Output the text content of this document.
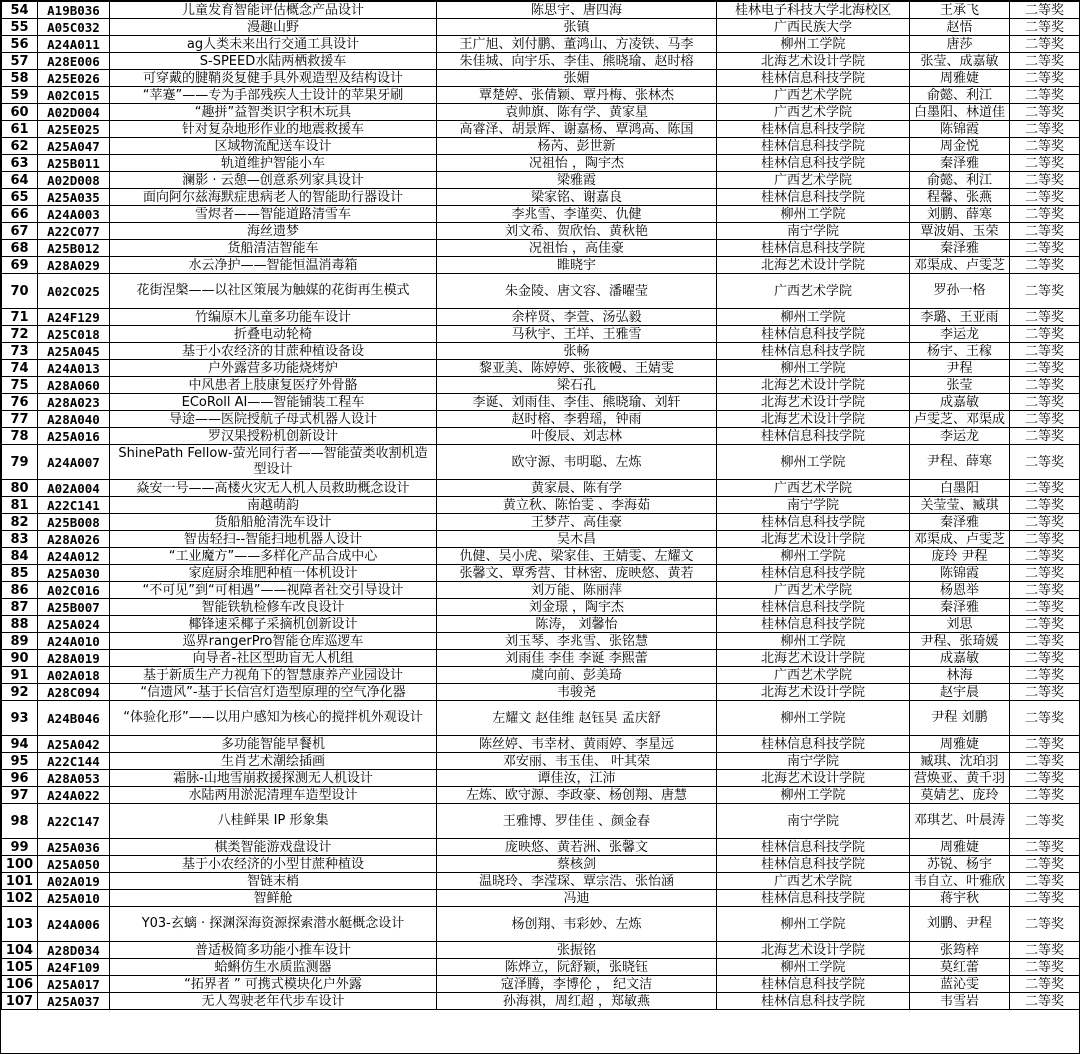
54	A19B036	儿童发育智能评估概念产品设计	陈思宇、唐四海	桂林电子科技大学北海校区	王承飞	二等奖
55	A05C032	漫趣山野	张镇	广西民族大学	赵悟	二等奖
56	A24A011	ag人类未来出行交通工具设计	王广旭、刘付鹏、董鸿山、方凌铁、马李	柳州工学院	唐莎	二等奖
57	A28E006	S-SPEED水陆两栖救援车	朱佳城、向宇乐、李佳、熊晓瑜、赵时榕	北海艺术设计学院	张莹、成嘉敏	二等奖
58	A25E026	可穿戴的腱鞘炎复健手具外观造型及结构设计	张媚	桂林信息科技学院	周雅婕	二等奖
59	A02C015	“苹蹇”——专为手部残疾人士设计的苹果牙刷	覃楚婷、张倩颖、覃丹梅、张林杰	广西艺术学院	俞懿、利江	二等奖
60	A02D004	“趣拼”益智类识字积木玩具	袁帅旗、陈有学、黄家星	广西艺术学院	白墨阳、林道佳	二等奖
61	A25E025	针对复杂地形作业的地震救援车	高睿泽、胡景辉、谢嘉杨、覃鸿高、陈国	桂林信息科技学院	陈锦霞	二等奖
62	A25A047	区域物流配送车设计	杨芮、彭世新	桂林信息科技学院	周金悦	二等奖
63	A25B011	轨道维护智能小车	况祖怡 ，陶宇杰	桂林信息科技学院	秦泽雅	二等奖
64	A02D008	澜影 · 云憩—创意系列家具设计	梁雅霞	广西艺术学院	俞懿、利江	二等奖
65	A25A035	面向阿尔兹海默症患病老人的智能助行器设计	梁家铭、谢嘉良	桂林信息科技学院	程馨、张燕	二等奖
66	A24A003	雪烬者——智能道路清雪车	李兆雪、李谨奕、仇健	柳州工学院	刘鹏、薛寒	二等奖
67	A22C077	海丝遗梦	刘文希、贺欣怡、黄秋艳	南宁学院	覃波娟、玉荣	二等奖
68	A25B012	货船清洁智能车	况祖怡 ，高佳豪	桂林信息科技学院	秦泽雅	二等奖
69	A28A029	水云净护——智能恒温消毒箱	睢晓宇	北海艺术设计学院	邓渠成、卢雯芝	二等奖
70	A02C025	花街涅槃——以社区策展为触媒的花街再生模式	朱金陵、唐文容、潘曜莹	广西艺术学院	罗孙一格	二等奖
71	A24F129	竹编原木儿童多功能车设计	余梓贤、李萱、汤弘毅	柳州工学院	李璐、王亚雨	二等奖
72	A25C018	折叠电动轮椅	马秋宇、王垟、王雅雪	桂林信息科技学院	李运龙	二等奖
73	A25A045	基于小农经济的甘蔗种植设备设	张畅	桂林信息科技学院	杨宇、王稼	二等奖
74	A24A013	户外露营多功能烧烤炉	黎亚美、陈婷婷、张筱幔、王婧雯	柳州工学院	尹程	二等奖
75	A28A060	中风患者上肢康复医疗外骨骼	梁石孔	北海艺术设计学院	张莹	二等奖
76	A28A023	ECoRoll AI——智能铺装工程车	李诞、刘雨佳、李佳、熊晓瑜、刘轩	北海艺术设计学院	成嘉敏	二等奖
77	A28A040	导途——医院授航子母式机器人设计	赵时榕、李碧瑶，钟雨	北海艺术设计学院	卢雯芝、邓渠成	二等奖
78	A25A016	罗汉果授粉机创新设计	叶俊辰、刘志林	桂林信息科技学院	李运龙	二等奖
79	A24A007	ShinePath Fellow-萤光同行者——智能萤类收割机造型设计	欧守源、韦明聪、左炼	柳州工学院	尹程、薛寒	二等奖
80	A02A004	焱安一号——高楼火灾无人机人员救助概念设计	黄家晨、陈有学	广西艺术学院	白墨阳	二等奖
81	A22C141	南越萌韵	黄立秋、陈怡雯 、李海茹	南宁学院	关莹莹、臧琪	二等奖
82	A25B008	货船船舱清洗车设计	王梦芹、高佳豪	桂林信息科技学院	秦泽雅	二等奖
83	A28A026	智齿轻扫--智能扫地机器人设计	吴木昌	北海艺术设计学院	邓渠成、卢雯芝	二等奖
84	A24A012	“工业魔方”——多样化产品合成中心	仇健、吴小虎、梁家佳、王婧雯、左耀文	柳州工学院	庞玲 尹程	二等奖
85	A25A030	家庭厨余堆肥种植一体机设计	张馨文、覃秀营、甘林密、庞映悠、黄若	桂林信息科技学院	陈锦霞	二等奖
86	A02C016	“不可见”到“可相遇”——视障者社交引导设计	刘万能、陈丽萍	广西艺术学院	杨恩举	二等奖
87	A25B007	智能铁轨检修车改良设计	刘金璟 ，陶宇杰	桂林信息科技学院	秦泽雅	二等奖
88	A25A024	椰锋速采椰子采摘机创新设计	陈涛， 刘馨怡	桂林信息科技学院	刘思	二等奖
89	A24A010	巡界rangerPro智能仓库巡逻车	刘玉琴、李兆雪、张铭慧	柳州工学院	尹程、张琦媛	二等奖
90	A28A019	向导者-社区型助盲无人机组	刘雨佳 李佳 李诞 李熙蕾	北海艺术设计学院	成嘉敏	二等奖
91	A02A018	基于新质生产力视角下的智慧康养产业园设计	虞向前、彭美琦	广西艺术学院	林海	二等奖
92	A28C094	“信遗风”-基于长信宫灯造型原理的空气净化器	韦骏尧	北海艺术设计学院	赵宇晨	二等奖
93	A24B046	“体验化形”——以用户感知为核心的搅拌机外观设计	左耀文 赵佳维 赵钰昊 孟庆舒	柳州工学院	尹程 刘鹏	二等奖
94	A25A042	多功能智能早餐机	陈丝婷、韦幸材、黄雨婷、李星远	桂林信息科技学院	周雅婕	二等奖
95	A22C144	生肖艺术潮绘插画	邓安丽、韦玉佳、 叶其荣	南宁学院	臧琪、沈珀羽	二等奖
96	A28A053	霜脉-山地雪崩救援探测无人机设计	谭佳汝，江沛	北海艺术设计学院	营焕亚、黄千羽	二等奖
97	A24A022	水陆两用淤泥清理车造型设计	左炼、欧守源、李政豪、杨创翔、唐慧	柳州工学院	莫婧艺、庞玲	二等奖
98	A22C147	八桂鲜果 IP 形象集	王雅博、罗佳佳 、颜金春	南宁学院	邓琪艺、叶晨涛	二等奖
99	A25A036	棋类智能游戏盘设计	庞映悠、黄若洲、张馨文	桂林信息科技学院	周雅婕	二等奖
100	A25A050	基于小农经济的小型甘蔗种植设	蔡核剑	桂林信息科技学院	苏锐、杨宇	二等奖
101	A02A019	智链末梢	温晓玲、李滢琛、覃宗浩、张怡涵	广西艺术学院	韦自立、叶雅欣	二等奖
102	A25A010	智鲜舱	冯迪	桂林信息科技学院	蒋宇秋	二等奖
103	A24A006	Y03-玄螭 · 探渊深海资源探索潜水艇概念设计	杨创翔、韦彩妙、左炼	柳州工学院	刘鹏、尹程	二等奖
104	A28D034	普适极简多功能小推车设计	张振铭	北海艺术设计学院	张筠梓	二等奖
105	A24F109	蛤蝌仿生水质监测器	陈烨立，阮舒颖，张晓钰	柳州工学院	莫红蕾	二等奖
106	A25A017	“拓界者 ” 可携式模块化户外露	寇泽腾，李博伦 ， 纪文洁	桂林信息科技学院	蓝沁雯	二等奖
107	A25A037	无人驾驶老年代步车设计	孙海祺，周红超 ，郑敏燕	桂林信息科技学院	韦雪岩	二等奖
